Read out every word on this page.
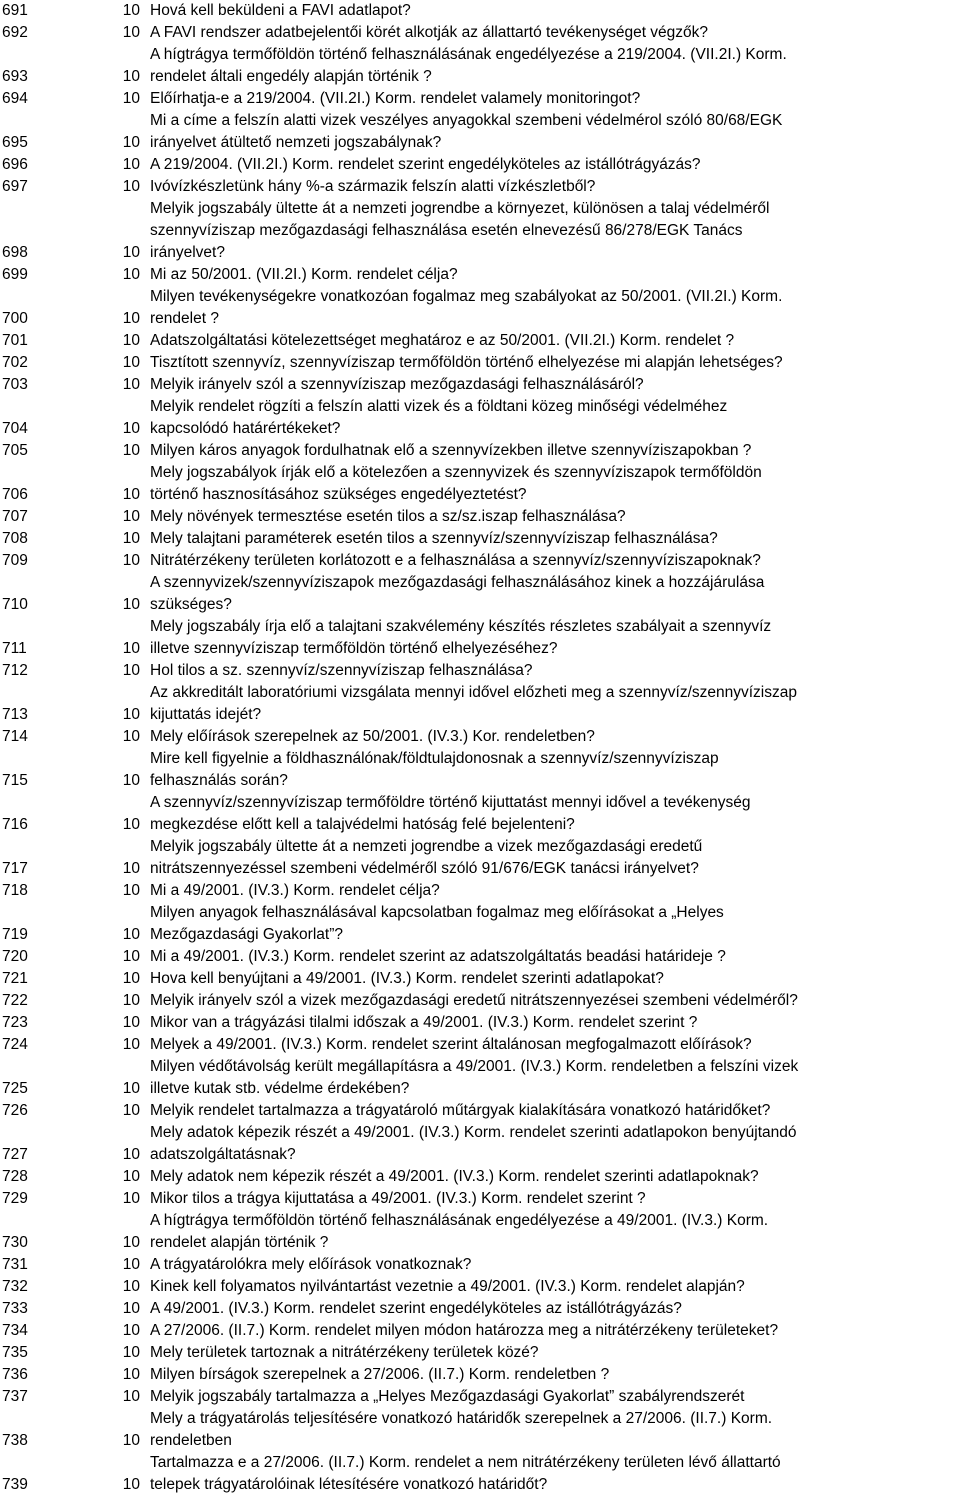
691	10 Hová kell beküldeni a FAVI adatlapot?
692	10 A FAVI rendszer adatbejelentői körét alkotják az állattartó tevékenységet végzők?
693	10
A hígtrágya termőföldön történő felhasználásának engedélyezése a 219/2004. (VII.2I.) Korm.
rendelet általi engedély alapján történik ?
694	10 Előírhatja-e a 219/2004. (VII.2I.) Korm. rendelet valamely monitoringot?
695	10
Mi a címe a felszín alatti vizek veszélyes anyagokkal szembeni védelmérol szóló 80/68/EGK
irányelvet átültető nemzeti jogszabálynak?
696	10 A 219/2004. (VII.2I.) Korm. rendelet szerint engedélyköteles az istállótrágyázás?
697	10 Ivóvízkészletünk hány %-a származik felszín alatti vízkészletből?
698	10
Melyik jogszabály ültette át a nemzeti jogrendbe a környezet, különösen a talaj védelméről
szennyvíziszap mezőgazdasági felhasználása esetén elnevezésű 86/278/EGK Tanács
irányelvet?
699	10 Mi az 50/2001. (VII.2I.) Korm. rendelet célja?
700	10
Milyen tevékenységekre vonatkozóan fogalmaz meg szabályokat az 50/2001. (VII.2I.) Korm.
rendelet ?
701	10 Adatszolgáltatási kötelezettséget meghatároz e az 50/2001. (VII.2I.) Korm. rendelet ?
702	10 Tisztított szennyvíz, szennyvíziszap termőföldön történő elhelyezése mi alapján lehetséges?
703	10 Melyik irányelv szól a szennyvíziszap mezőgazdasági felhasználásáról?
704	10
Melyik rendelet rögzíti a felszín alatti vizek és a földtani közeg minőségi védelméhez
kapcsolódó határértékeket?
705	10 Milyen káros anyagok fordulhatnak elő a szennyvízekben illetve szennyvíziszapokban ?
706	10
Mely jogszabályok írják elő a kötelezően a szennyvizek és szennyvíziszapok termőföldön
történő hasznosításához szükséges engedélyeztetést?
707	10 Mely növények termesztése esetén tilos a sz/sz.iszap felhasználása?
708	10 Mely talajtani paraméterek esetén tilos a szennyvíz/szennyvíziszap felhasználása?
709	10 Nitrátérzékeny területen korlátozott e a felhasználása a szennyvíz/szennyvíziszapoknak?
710	10
A szennyvizek/szennyvíziszapok mezőgazdasági felhasználásához kinek a hozzájárulása
szükséges?
711	10
Mely jogszabály írja elő a talajtani szakvélemény készítés részletes szabályait a szennyvíz
illetve szennyvíziszap termőföldön történő elhelyezéséhez?
712	10 Hol tilos a sz. szennyvíz/szennyvíziszap felhasználása?
713	10
Az akkreditált laboratóriumi vizsgálata mennyi idővel előzheti meg a szennyvíz/szennyvíziszap
kijuttatás idejét?
714	10 Mely előírások szerepelnek az 50/2001. (IV.3.) Kor. rendeletben?
715	10
Mire kell figyelnie a földhasználónak/földtulajdonosnak a szennyvíz/szennyvíziszap
felhasználás során?
716	10
A szennyvíz/szennyvíziszap termőföldre történő kijuttatást mennyi idővel a tevékenység
megkezdése előtt kell a talajvédelmi hatóság felé bejelenteni?
717	10
Melyik jogszabály ültette át a nemzeti jogrendbe a vizek mezőgazdasági eredetű
nitrátszennyezéssel szembeni védelméről szóló 91/676/EGK tanácsi irányelvet?
718	10 Mi a 49/2001. (IV.3.) Korm. rendelet célja?
719	10
Milyen anyagok felhasználásával kapcsolatban fogalmaz meg előírásokat a „Helyes
Mezőgazdasági Gyakorlat”?
720	10 Mi a 49/2001. (IV.3.) Korm. rendelet szerint az adatszolgáltatás beadási határideje ?
721	10 Hova kell benyújtani a 49/2001. (IV.3.) Korm. rendelet szerinti adatlapokat?
722	10 Melyik irányelv szól a vizek mezőgazdasági eredetű nitrátszennyezései szembeni védelméről?
723	10 Mikor van a trágyázási tilalmi időszak a 49/2001. (IV.3.) Korm. rendelet szerint ?
724	10 Melyek a 49/2001. (IV.3.) Korm. rendelet szerint általánosan megfogalmazott előírások?
725	10
Milyen védőtávolság került megállapításra a 49/2001. (IV.3.) Korm. rendeletben a felszíni vizek
illetve kutak stb. védelme érdekében?
726	10 Melyik rendelet tartalmazza a trágyatároló műtárgyak kialakítására vonatkozó határidőket?
727	10
Mely adatok képezik részét a 49/2001. (IV.3.) Korm. rendelet szerinti adatlapokon benyújtandó
adatszolgáltatásnak?
728	10 Mely adatok nem képezik részét a 49/2001. (IV.3.) Korm. rendelet szerinti adatlapoknak?
729	10 Mikor tilos a trágya kijuttatása a 49/2001. (IV.3.) Korm. rendelet szerint ?
730	10
A hígtrágya termőföldön történő felhasználásának engedélyezése a 49/2001. (IV.3.) Korm.
rendelet alapján történik ?
731	10 A trágyatárolókra mely előírások vonatkoznak?
732	10 Kinek kell folyamatos nyilvántartást vezetnie a 49/2001. (IV.3.) Korm. rendelet alapján?
733	10 A 49/2001. (IV.3.) Korm. rendelet szerint engedélyköteles az istállótrágyázás?
734	10 A 27/2006. (II.7.) Korm. rendelet milyen módon határozza meg a nitrátérzékeny területeket?
735	10 Mely területek tartoznak a nitrátérzékeny területek közé?
736	10 Milyen bírságok szerepelnek a 27/2006. (II.7.) Korm. rendeletben ?
737	10 Melyik jogszabály tartalmazza a „Helyes Mezőgazdasági Gyakorlat” szabályrendszerét
738	10
Mely a trágyatárolás teljesítésére vonatkozó határidők szerepelnek a 27/2006. (II.7.) Korm.
rendeletben
739	10
Tartalmazza e a 27/2006. (II.7.) Korm. rendelet a nem nitrátérzékeny területen lévő állattartó
telepek trágyatárolóinak létesítésére vonatkozó határidőt?
